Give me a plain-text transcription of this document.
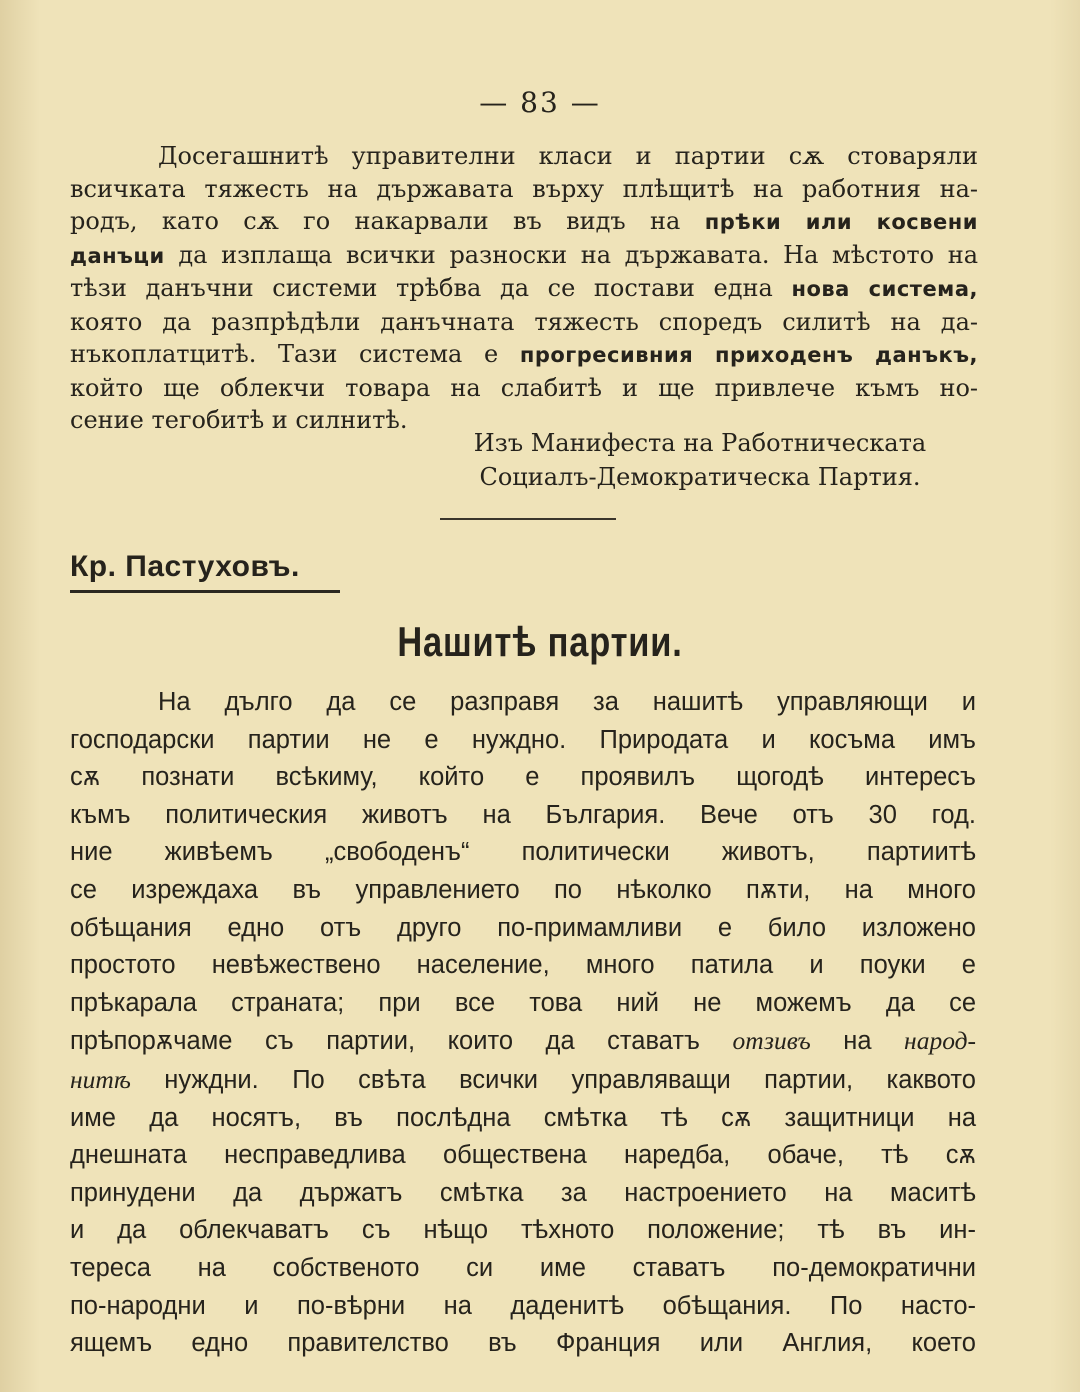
— 83 —
Досегашнитѣ управителни класи и партии сѫ стоваряли
всичката тяжесть на държавата върху плѣщитѣ на работния на-
родъ, като сѫ го накарвали въ видъ на прѣки или косвени
данъци да изплаща всички разноски на държавата. На мѣстото на
тѣзи данъчни системи трѣбва да се постави една нова система,
която да разпрѣдѣли данъчната тяжесть споредъ силитѣ на да-
нъкоплатцитѣ. Тази система е прогресивния приходенъ данъкъ,
който ще облекчи товара на слабитѣ и ще привлече къмъ но-
сение тегобитѣ и силнитѣ.
Изъ Манифеста на Работническата
Социалъ-Демократическа Партия.
Кр. Пастуховъ.
Нашитѣ партии.
На дълго да се разправя за нашитѣ управляющи и
господарски партии не е нуждно. Природата и косъма имъ
сѫ познати всѣкиму, който е проявилъ щогодѣ интересъ
къмъ политическия животъ на България. Вече отъ 30 год.
ние живѣемъ „свободенъ“ политически животъ, партиитѣ
се изреждаха въ управлението по нѣколко пѫти, на много
обѣщания едно отъ друго по-примамливи е било изложено
простото невѣжествено население, много патила и поуки е
прѣкарала страната; при все това ний не можемъ да се
прѣпорѫчаме съ партии, които да ставатъ отзивъ на народ-
нитѣ нуждни. По свѣта всички управляващи партии, каквото
име да носятъ, въ послѣдна смѣтка тѣ сѫ защитници на
днешната несправедлива обществена наредба, обаче, тѣ сѫ
принудени да държатъ смѣтка за настроението на маситѣ
и да облекчаватъ съ нѣщо тѣхното положение; тѣ въ ин-
тереса на собственото си име ставатъ по-демократични
по-народни и по-вѣрни на даденитѣ обѣщания. По насто-
ящемъ едно правителство въ Франция или Англия, което
